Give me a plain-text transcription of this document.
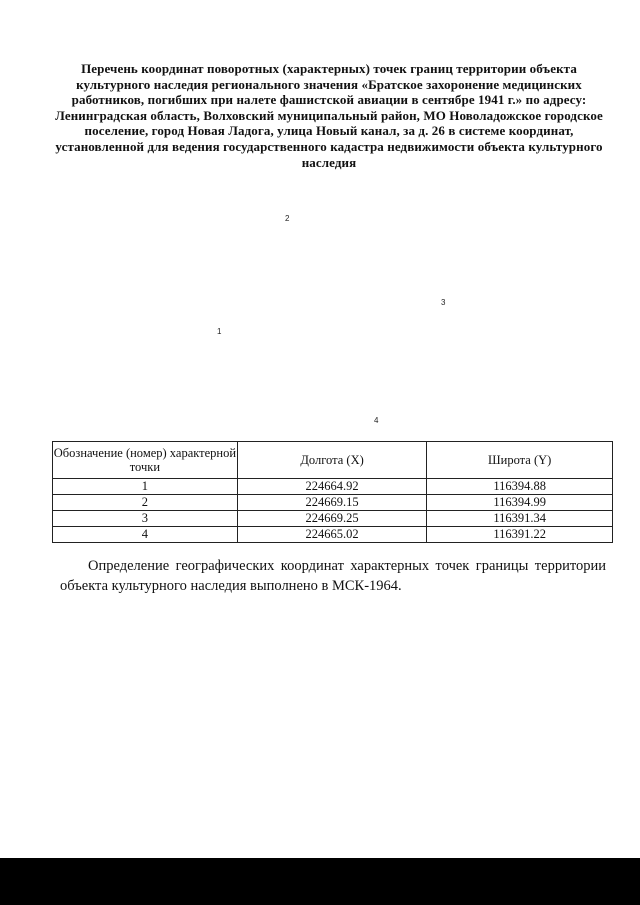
Перечень координат поворотных (характерных) точек границ территории объекта культурного наследия регионального значения «Братское захоронение медицинских работников, погибших при налете фашистской авиации в сентябре 1941 г.» по адресу: Ленинградская область, Волховский муниципальный район, МО Новоладожское городское поселение, город Новая Ладога, улица Новый канал, за д. 26 в системе координат, установленной для ведения государственного кадастра недвижимости объекта культурного наследия
2
3
1
4
Обозначение (номер) характерной точки	Долгота (X)	Широта (Y)
1	224664.92	116394.88
2	224669.15	116394.99
3	224669.25	116391.34
4	224665.02	116391.22

Определение географических координат характерных точек границы территории объекта культурного наследия выполнено в МСК-1964.
